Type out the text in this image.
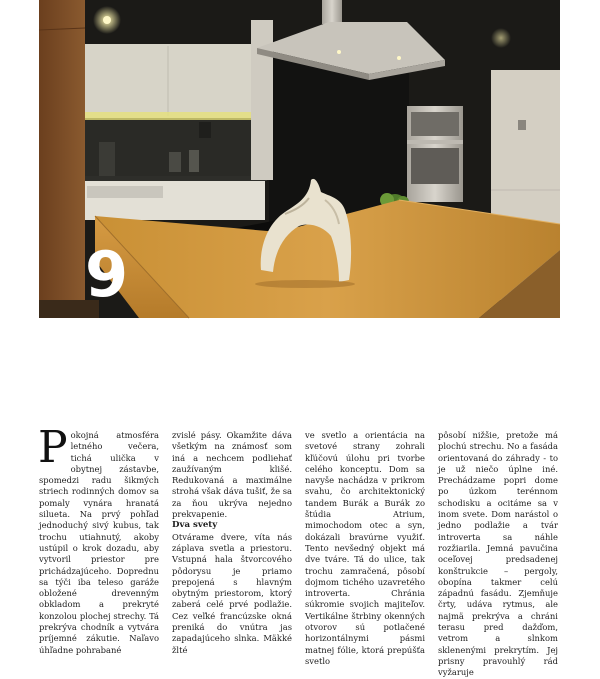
9

Pokojná atmosféra letného večera, tichá ulička v obytnej zástavbe, spomedzi radu šikmých striech rodinných domov sa pomaly vynára hranatá silueta. Na prvý pohľad jednoduchý sivý kubus, tak trochu utiahnutý, akoby ustúpil o krok dozadu, aby vytvoril priestor pre prichádzajúceho. Doprednu sa týči iba teleso garáže obložené drevenným obkladom a prekryté konzolou plochej strechy. Tá prekrýva chodník a vytvára príjemné zákutie. Naľavo úhľadne pohrabané

zvislé pásy. Okamžite dáva všetkým na známosť som iná a nechcem podliehať zaužívaným klišé. Redukovaná a maximálne strohá však dáva tušiť, že sa za ňou ukrýva nejedno prekvapenie.

Dva svety

Otvárame dvere, víta nás záplava svetla a priestoru. Vstupná hala štvorcového pôdorysu je priamo prepojená s hlavným obytným priestorom, ktorý zaberá celé prvé podlažie. Cez veľké francúzske okná preniká do vnútra jas zapadajúceho slnka. Mäkké žlté

ve svetlo a orientácia na svetové strany zohrali kľúčovú úlohu pri tvorbe celého konceptu. Dom sa navyše nachádza v prikrom svahu, čo architektonický tandem Burák a Burák zo štúdia Atrium, mimochodom otec a syn, dokázali bravúrne využiť. Tento nevšedný objekt má dve tváre. Tá do ulice, tak trochu zamračená, pôsobí dojmom tichého uzavretého introverta. Chránia súkromie svojich majiteľov. Vertikálne štrbiny okenných otvorov sú potlačené horizontálnymi pásmi matnej fólie, ktorá prepúšťa svetlo

pôsobí nižšie, pretože má plochú strechu. No a fasáda orientovaná do záhrady - to je už niečo úplne iné. Prechádzame popri dome po úzkom terénnom schodisku a ocitáme sa v inom svete. Dom narástol o jedno podlažie a tvár introverta sa náhle rozžiarila. Jemná pavučina oceľovej predsadenej konštrukcie – pergoly, obopína takmer celú západnú fasádu. Zjemňuje črty, udáva rytmus, ale najmä prekrýva a chráni terasu pred dažďom, vetrom a slnkom sklenenými prekrytím. Jej prisny pravouhlý rád vyžaruje
